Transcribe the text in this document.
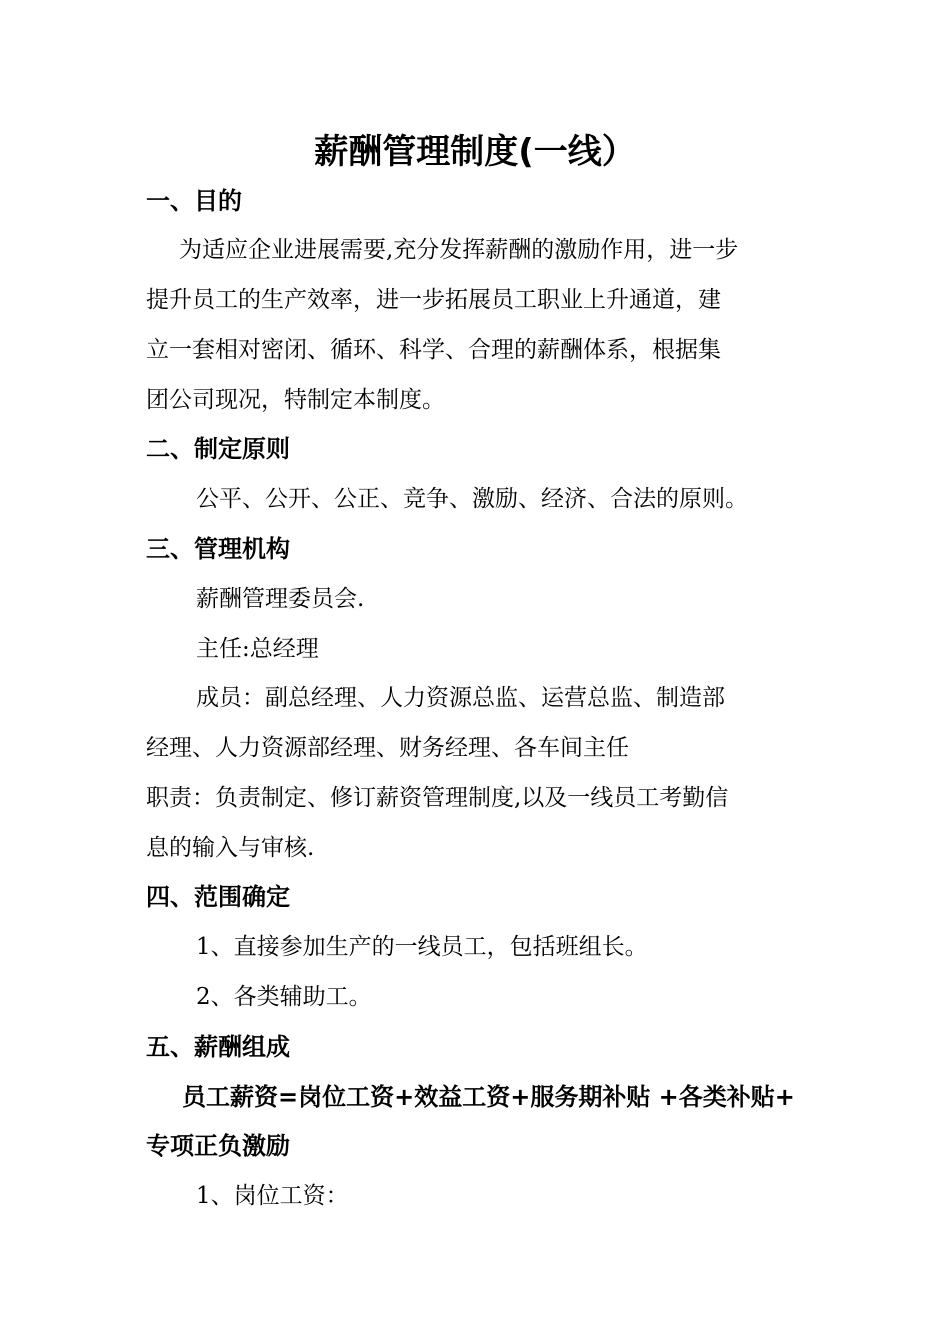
薪酬管理制度(一线）
一、目的
为适应企业进展需要,充分发挥薪酬的激励作用，进一步
提升员工的生产效率，进一步拓展员工职业上升通道，建
立一套相对密闭、循环、科学、合理的薪酬体系，根据集
团公司现况，特制定本制度。
二、制定原则
公平、公开、公正、竞争、激励、经济、合法的原则。
三、管理机构
薪酬管理委员会.
主任:总经理
成员：副总经理、人力资源总监、运营总监、制造部
经理、人力资源部经理、财务经理、各车间主任
职责：负责制定、修订薪资管理制度,以及一线员工考勤信
息的输入与审核.
四、范围确定
1、直接参加生产的一线员工，包括班组长。
2、各类辅助工。
五、薪酬组成
员工薪资=岗位工资+效益工资+服务期补贴 +各类补贴+
专项正负激励
1、岗位工资：
